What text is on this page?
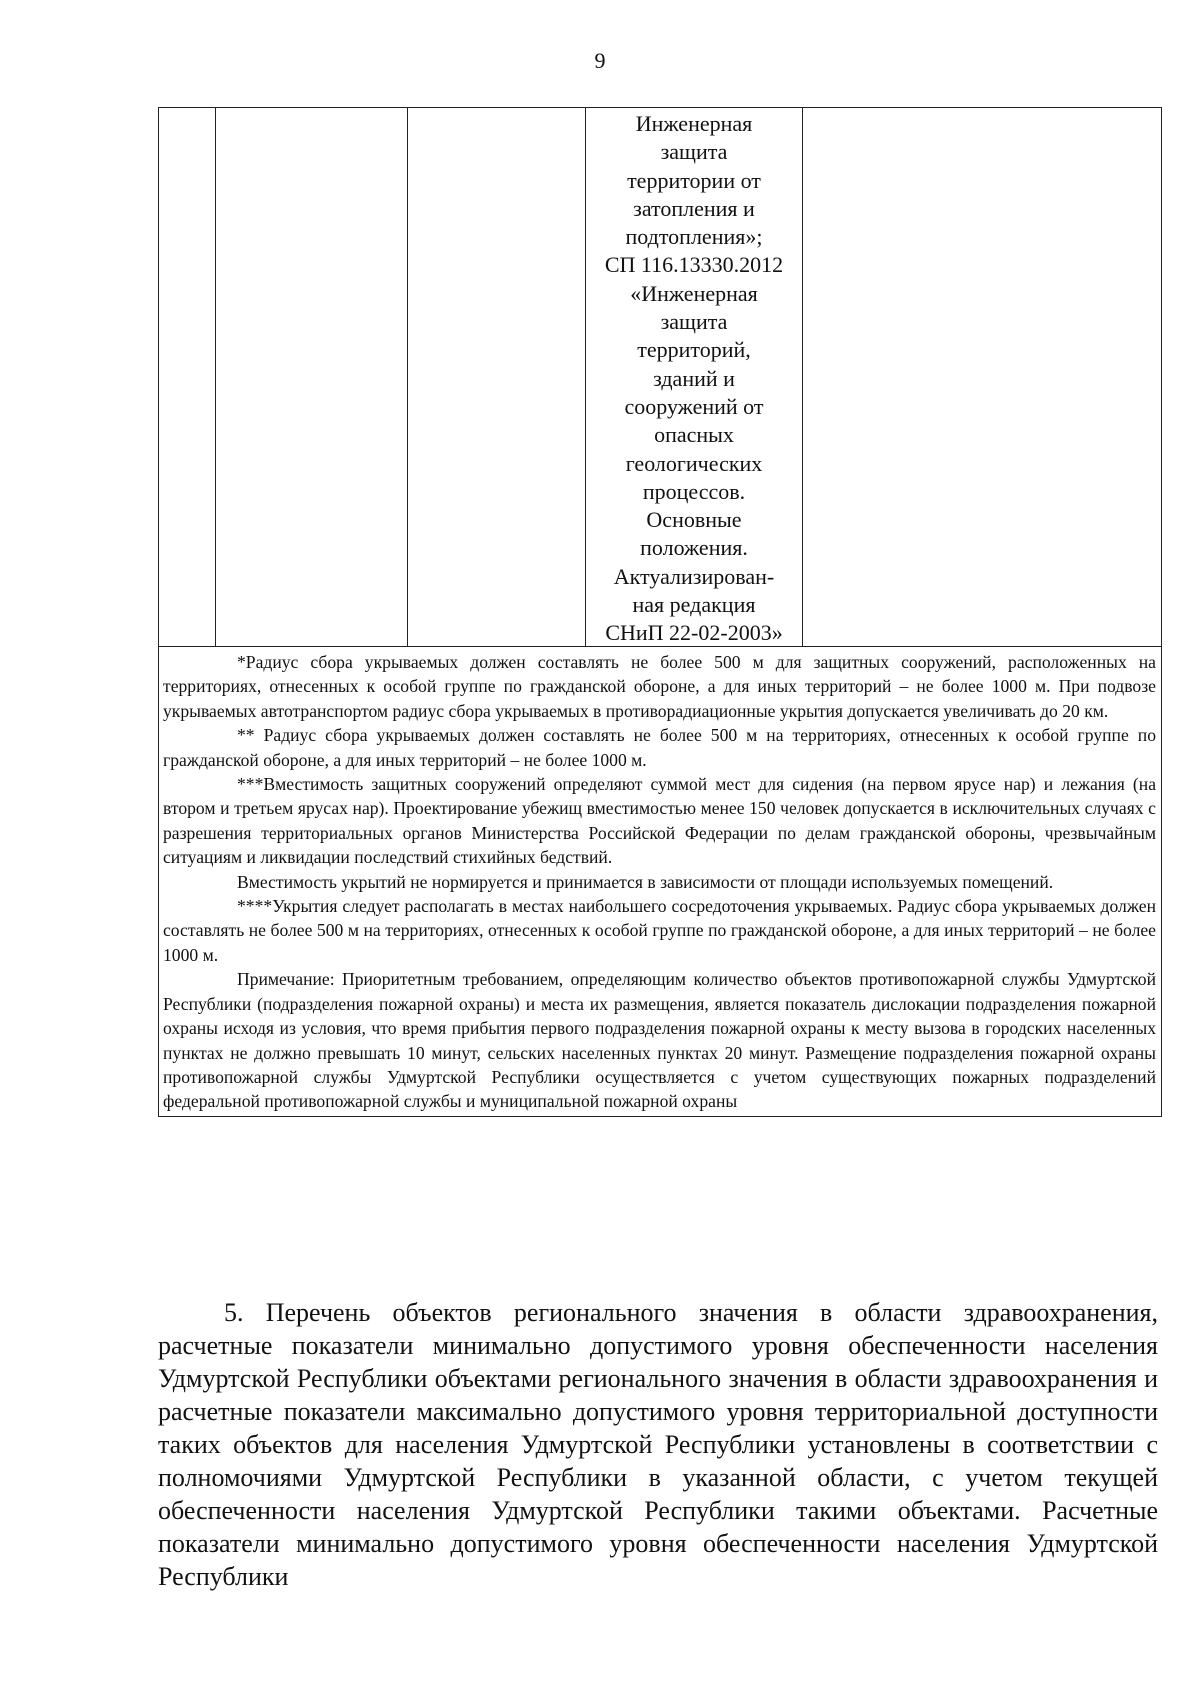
9
Инженерная
защита
территории от
затопления и
подтопления»;
СП 116.13330.2012
«Инженерная
защита
территорий,
зданий и
сооружений от
опасных
геологических
процессов.
Основные
положения.
Актуализирован-
ная редакция
СНиП 22-02-2003»

*Радиус сбора укрываемых должен составлять не более 500 м для защитных сооружений, расположенных на территориях, отнесенных к особой группе по гражданской обороне, а для иных территорий – не более 1000 м. При подвозе укрываемых автотранспортом радиус сбора укрываемых в противорадиационные укрытия допускается увеличивать до 20 км.

** Радиус сбора укрываемых должен составлять не более 500 м на территориях, отнесенных к особой группе по гражданской обороне, а для иных территорий – не более 1000 м.

***Вместимость защитных сооружений определяют суммой мест для сидения (на первом ярусе нар) и лежания (на втором и третьем ярусах нар). Проектирование убежищ вместимостью менее 150 человек допускается в исключительных случаях с разрешения территориальных органов Министерства Российской Федерации по делам гражданской обороны, чрезвычайным ситуациям и ликвидации последствий стихийных бедствий.

Вместимость укрытий не нормируется и принимается в зависимости от площади используемых помещений.

****Укрытия следует располагать в местах наибольшего сосредоточения укрываемых. Радиус сбора укрываемых должен составлять не более 500 м на территориях, отнесенных к особой группе по гражданской обороне, а для иных территорий – не более 1000 м.

Примечание: Приоритетным требованием, определяющим количество объектов противопожарной службы Удмуртской Республики (подразделения пожарной охраны) и места их размещения, является показатель дислокации подразделения пожарной охраны исходя из условия, что время прибытия первого подразделения пожарной охраны к месту вызова в городских населенных пунктах не должно превышать 10 минут, сельских населенных пунктах 20 минут. Размещение подразделения пожарной охраны противопожарной службы Удмуртской Республики осуществляется с учетом существующих пожарных подразделений федеральной противопожарной службы и муниципальной пожарной охраны

5. Перечень объектов регионального значения в области здравоохранения, расчетные показатели минимально допустимого уровня обеспеченности населения Удмуртской Республики объектами регионального значения в области здравоохранения и расчетные показатели максимально допустимого уровня территориальной доступности таких объектов для населения Удмуртской Республики установлены в соответствии с полномочиями Удмуртской Республики в указанной области, с учетом текущей обеспеченности населения Удмуртской Республики такими объектами. Расчетные показатели минимально допустимого уровня обеспеченности населения Удмуртской Республики
